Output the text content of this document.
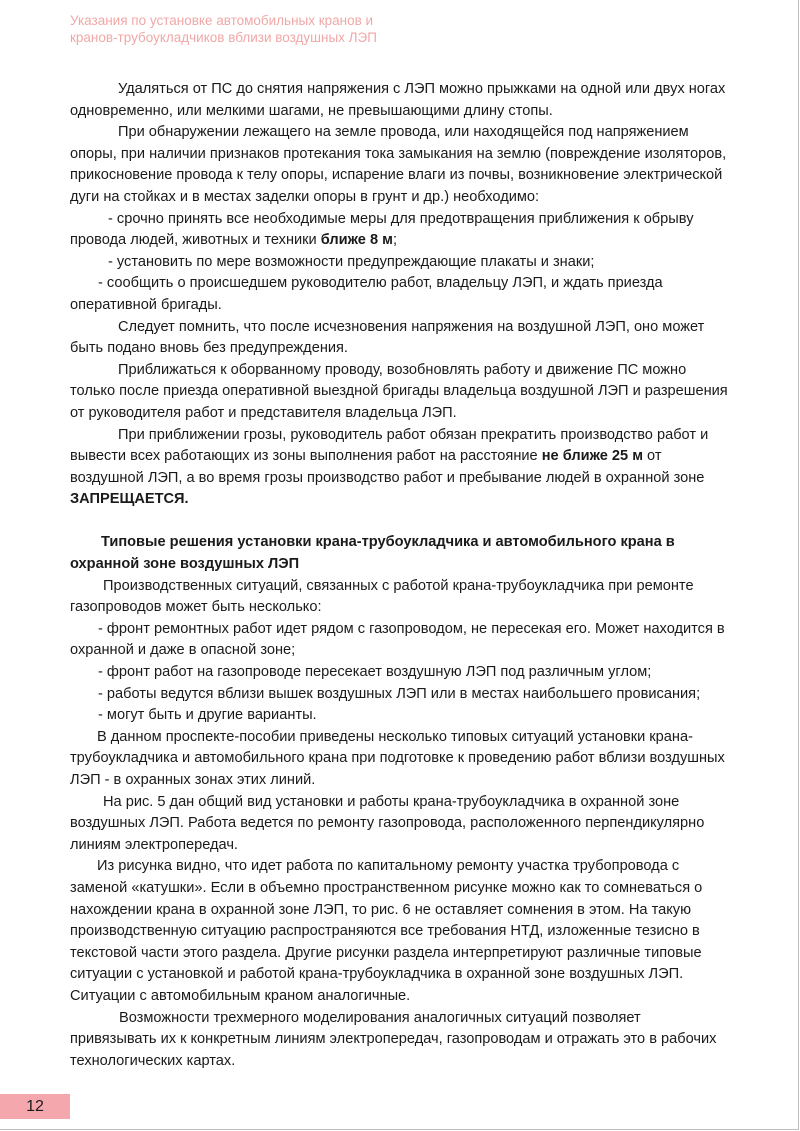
Указания по установке автомобильных кранов и
кранов-трубоукладчиков вблизи воздушных ЛЭП

Удаляться от ПС до снятия напряжения с ЛЭП можно прыжками на одной или двух ногах одновременно, или мелкими шагами, не превышающими длину стопы.

При обнаружении лежащего на земле провода, или находящейся под напряжением опоры, при наличии признаков протекания тока замыкания на землю (повреждение изоляторов, прикосновение провода к телу опоры, испарение влаги из почвы, возникновение электрической дуги на стойках и в местах заделки опоры в грунт и др.) необходимо:

- срочно принять все необходимые меры для предотвращения приближения к обрыву провода людей, животных и техники ближе 8 м;

- установить по мере возможности предупреждающие плакаты и знаки;

- сообщить о происшедшем руководителю работ, владельцу ЛЭП, и ждать приезда оперативной бригады.

Следует помнить, что после исчезновения напряжения на воздушной ЛЭП, оно может быть подано вновь без предупреждения.

Приближаться к оборванному проводу, возобновлять работу и движение ПС можно только после приезда оперативной выездной бригады владельца воздушной ЛЭП и разрешения от руководителя работ и представителя владельца ЛЭП.

При приближении грозы, руководитель работ обязан прекратить производство работ и вывести всех работающих из зоны выполнения работ на расстояние не ближе 25 м от воздушной ЛЭП, а во время грозы производство работ и пребывание людей в охранной зоне ЗАПРЕЩАЕТСЯ.

Типовые решения установки крана-трубоукладчика и автомобильного крана в охранной зоне воздушных ЛЭП

Производственных ситуаций, связанных с работой крана-трубоукладчика при ремонте газопроводов может быть несколько:

- фронт ремонтных работ идет рядом с газопроводом, не пересекая его. Может находится в охранной и даже в опасной зоне;

- фронт работ на газопроводе пересекает воздушную ЛЭП под различным углом;

- работы ведутся вблизи вышек воздушных ЛЭП или в местах наибольшего провисания;

- могут быть и другие варианты.

В данном проспекте-пособии приведены несколько типовых ситуаций установки крана-трубоукладчика и автомобильного крана при подготовке к проведению работ вблизи воздушных ЛЭП - в охранных зонах этих линий.

На рис. 5 дан общий вид установки и работы крана-трубоукладчика в охранной зоне воздушных ЛЭП. Работа ведется по ремонту газопровода, расположенного перпендикулярно линиям электропередач.

Из рисунка видно, что идет работа по капитальному ремонту участка трубопровода с заменой «катушки». Если в объемно пространственном рисунке можно как то сомневаться о нахождении крана в охранной зоне ЛЭП, то рис. 6 не оставляет сомнения в этом. На такую производственную ситуацию распространяются все требования НТД, изложенные тезисно в текстовой части этого раздела. Другие рисунки раздела интерпретируют различные типовые ситуации с установкой и работой крана-трубоукладчика в охранной зоне воздушных ЛЭП. Ситуации с автомобильным краном аналогичные.

Возможности трехмерного моделирования аналогичных ситуаций позволяет привязывать их к конкретным линиям электропередач, газопроводам и отражать это в рабочих технологических картах.

12
